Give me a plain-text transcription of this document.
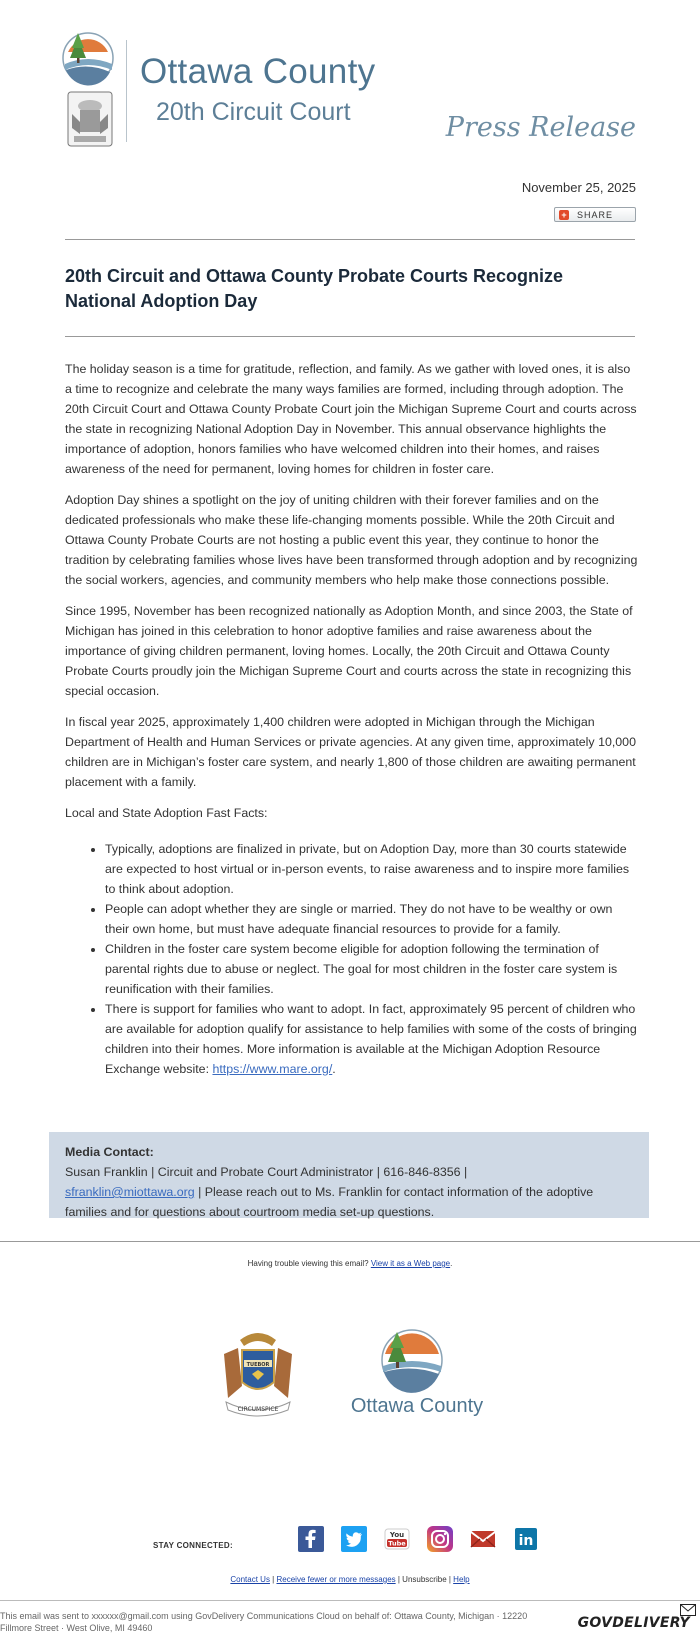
Ottawa County
20th Circuit Court	Press Release
November 25, 2025
+ SHARE
20th Circuit and Ottawa County Probate Courts Recognize National Adoption Day

The holiday season is a time for gratitude, reflection, and family. As we gather with loved ones, it is also a time to recognize and celebrate the many ways families are formed, including through adoption. The 20th Circuit Court and Ottawa County Probate Court join the Michigan Supreme Court and courts across the state in recognizing National Adoption Day in November. This annual observance highlights the importance of adoption, honors families who have welcomed children into their homes, and raises awareness of the need for permanent, loving homes for children in foster care.

Adoption Day shines a spotlight on the joy of uniting children with their forever families and on the dedicated professionals who make these life-changing moments possible. While the 20th Circuit and Ottawa County Probate Courts are not hosting a public event this year, they continue to honor the tradition by celebrating families whose lives have been transformed through adoption and by recognizing the social workers, agencies, and community members who help make those connections possible.

Since 1995, November has been recognized nationally as Adoption Month, and since 2003, the State of Michigan has joined in this celebration to honor adoptive families and raise awareness about the importance of giving children permanent, loving homes. Locally, the 20th Circuit and Ottawa County Probate Courts proudly join the Michigan Supreme Court and courts across the state in recognizing this special occasion.

In fiscal year 2025, approximately 1,400 children were adopted in Michigan through the Michigan Department of Health and Human Services or private agencies. At any given time, approximately 10,000 children are in Michigan’s foster care system, and nearly 1,800 of those children are awaiting permanent placement with a family.

Local and State Adoption Fast Facts:

• Typically, adoptions are finalized in private, but on Adoption Day, more than 30 courts statewide are expected to host virtual or in-person events, to raise awareness and to inspire more families to think about adoption.
• People can adopt whether they are single or married. They do not have to be wealthy or own their own home, but must have adequate financial resources to provide for a family.
• Children in the foster care system become eligible for adoption following the termination of parental rights due to abuse or neglect. The goal for most children in the foster care system is reunification with their families.
• There is support for families who want to adopt. In fact, approximately 95 percent of children who are available for adoption qualify for assistance to help families with some of the costs of bringing children into their homes. More information is available at the Michigan Adoption Resource Exchange website: https://www.mare.org/.
Media Contact:
Susan Franklin | Circuit and Probate Court Administrator | 616-846-8356 |
sfranklin@miottawa.org | Please reach out to Ms. Franklin for contact information of the adoptive families and for questions about courtroom media set-up questions.
Having trouble viewing this email? View it as a Web page.
TUEBOR
CIRCUMSPICE	Ottawa County
STAY CONNECTED:
You
Tube	in
Contact Us | Receive fewer or more messages | Unsubscribe | Help
This email was sent to xxxxxx@gmail.com using GovDelivery Communications Cloud on behalf of: Ottawa County, Michigan · 12220 Fillmore Street · West Olive, MI 49460	GOVDELIVERY
